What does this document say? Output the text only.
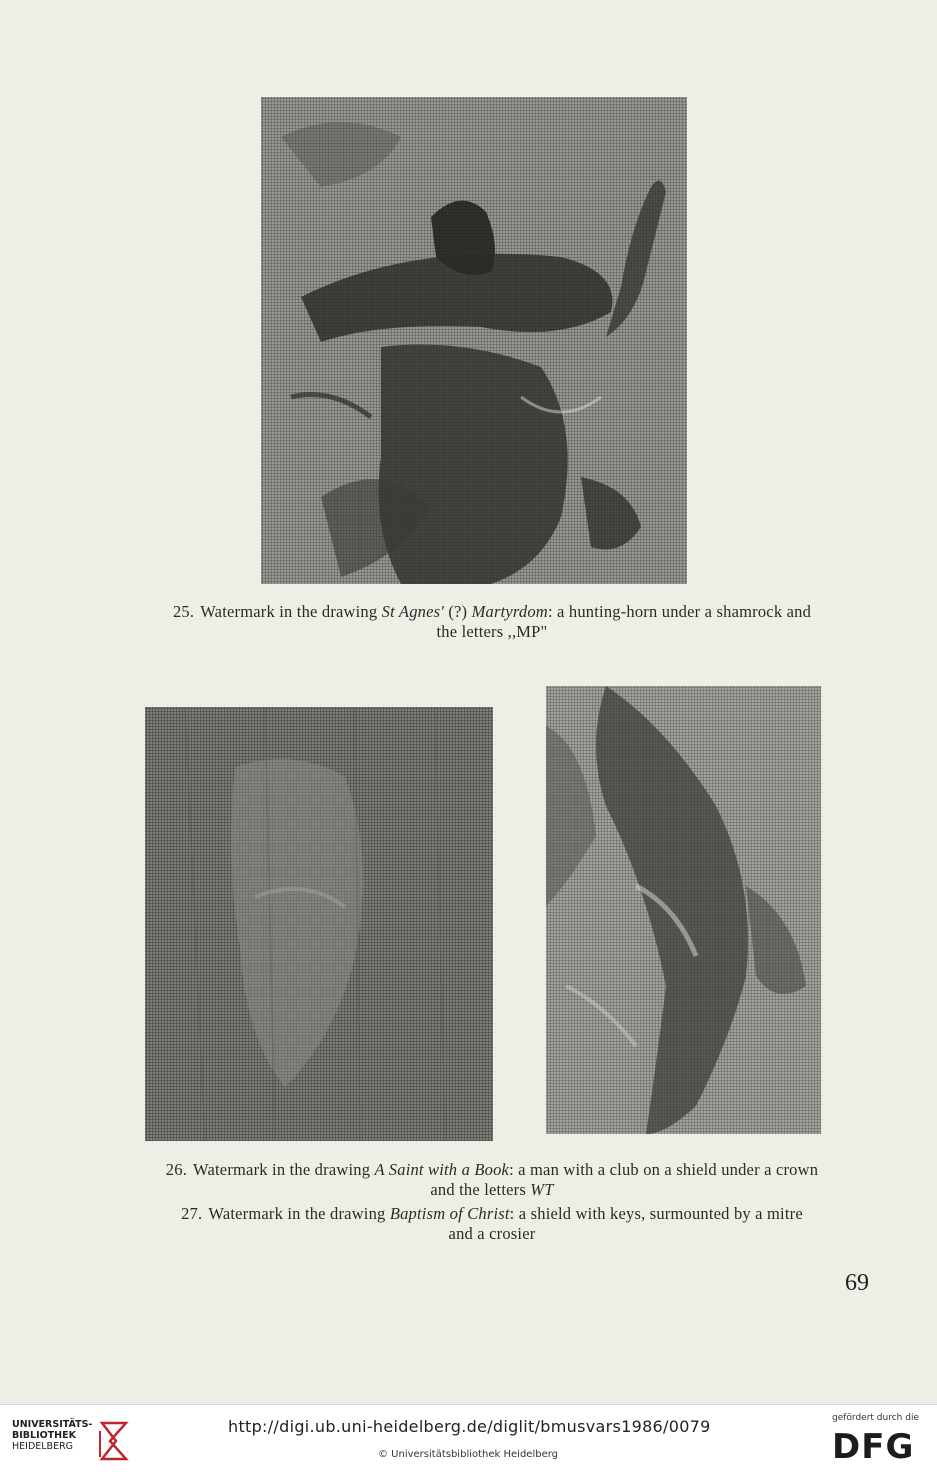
25. Watermark in the drawing St Agnes' (?) Martyrdom: a hunting-horn under a shamrock and
the letters ,,MP"
26. Watermark in the drawing A Saint with a Book: a man with a club on a shield under a crown
and the letters WT
27. Watermark in the drawing Baptism of Christ: a shield with keys, surmounted by a mitre
and a crosier
69
UNIVERSITÄTS-
BIBLIOTHEK
HEIDELBERG
http://digi.ub.uni-heidelberg.de/diglit/bmusvars1986/0079
© Universitätsbibliothek Heidelberg
gefördert durch die
DFG
